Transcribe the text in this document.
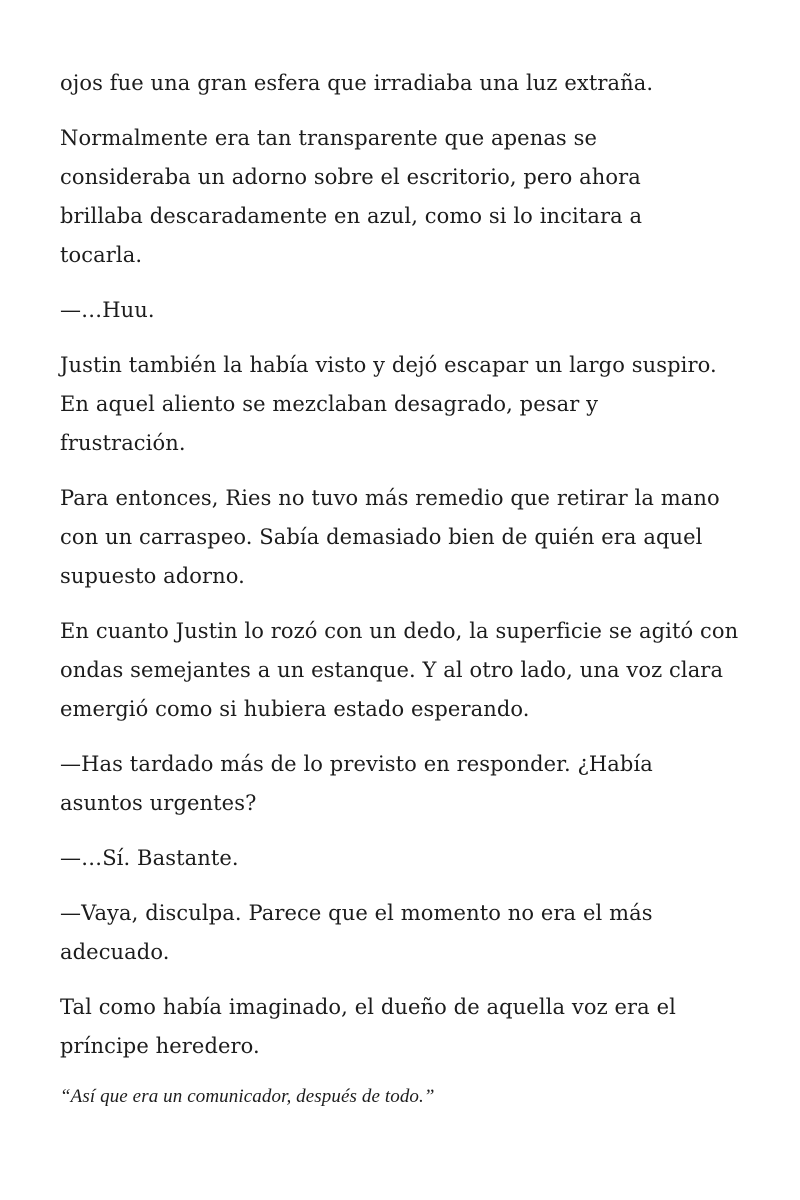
ojos fue una gran esfera que irradiaba una luz extraña.

Normalmente era tan transparente que apenas se consideraba un adorno sobre el escritorio, pero ahora brillaba descaradamente en azul, como si lo incitara a tocarla.

—…Huu.

Justin también la había visto y dejó escapar un largo suspiro. En aquel aliento se mezclaban desagrado, pesar y frustración.

Para entonces, Ries no tuvo más remedio que retirar la mano con un carraspeo. Sabía demasiado bien de quién era aquel supuesto adorno.

En cuanto Justin lo rozó con un dedo, la superficie se agitó con ondas semejantes a un estanque. Y al otro lado, una voz clara emergió como si hubiera estado esperando.

—Has tardado más de lo previsto en responder. ¿Había asuntos urgentes?

—…Sí. Bastante.

—Vaya, disculpa. Parece que el momento no era el más adecuado.

Tal como había imaginado, el dueño de aquella voz era el príncipe heredero.

“Así que era un comunicador, después de todo.”
